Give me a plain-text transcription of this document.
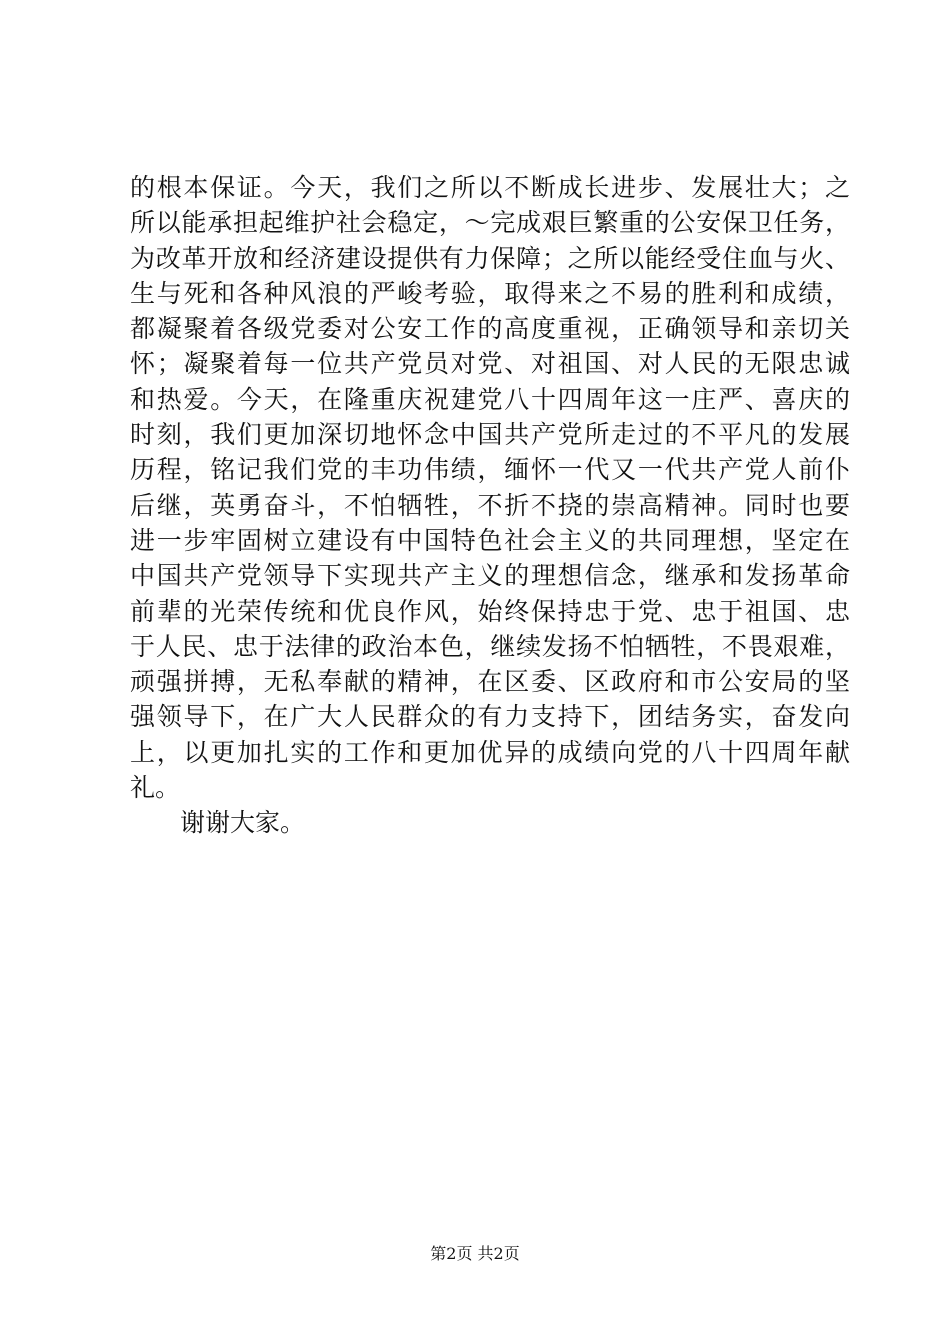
的根本保证。今天，我们之所以不断成长进步、发展壮大；之
所以能承担起维护社会稳定，～完成艰巨繁重的公安保卫任务，
为改革开放和经济建设提供有力保障；之所以能经受住血与火、
生与死和各种风浪的严峻考验，取得来之不易的胜利和成绩，
都凝聚着各级党委对公安工作的高度重视，正确领导和亲切关
怀；凝聚着每一位共产党员对党、对祖国、对人民的无限忠诚
和热爱。今天，在隆重庆祝建党八十四周年这一庄严、喜庆的
时刻，我们更加深切地怀念中国共产党所走过的不平凡的发展
历程，铭记我们党的丰功伟绩，缅怀一代又一代共产党人前仆
后继，英勇奋斗，不怕牺牲，不折不挠的崇高精神。同时也要
进一步牢固树立建设有中国特色社会主义的共同理想，坚定在
中国共产党领导下实现共产主义的理想信念，继承和发扬革命
前辈的光荣传统和优良作风，始终保持忠于党、忠于祖国、忠
于人民、忠于法律的政治本色，继续发扬不怕牺牲，不畏艰难，
顽强拼搏，无私奉献的精神，在区委、区政府和市公安局的坚
强领导下，在广大人民群众的有力支持下，团结务实，奋发向
上，以更加扎实的工作和更加优异的成绩向党的八十四周年献
礼。
谢谢大家。
第2页 共2页
